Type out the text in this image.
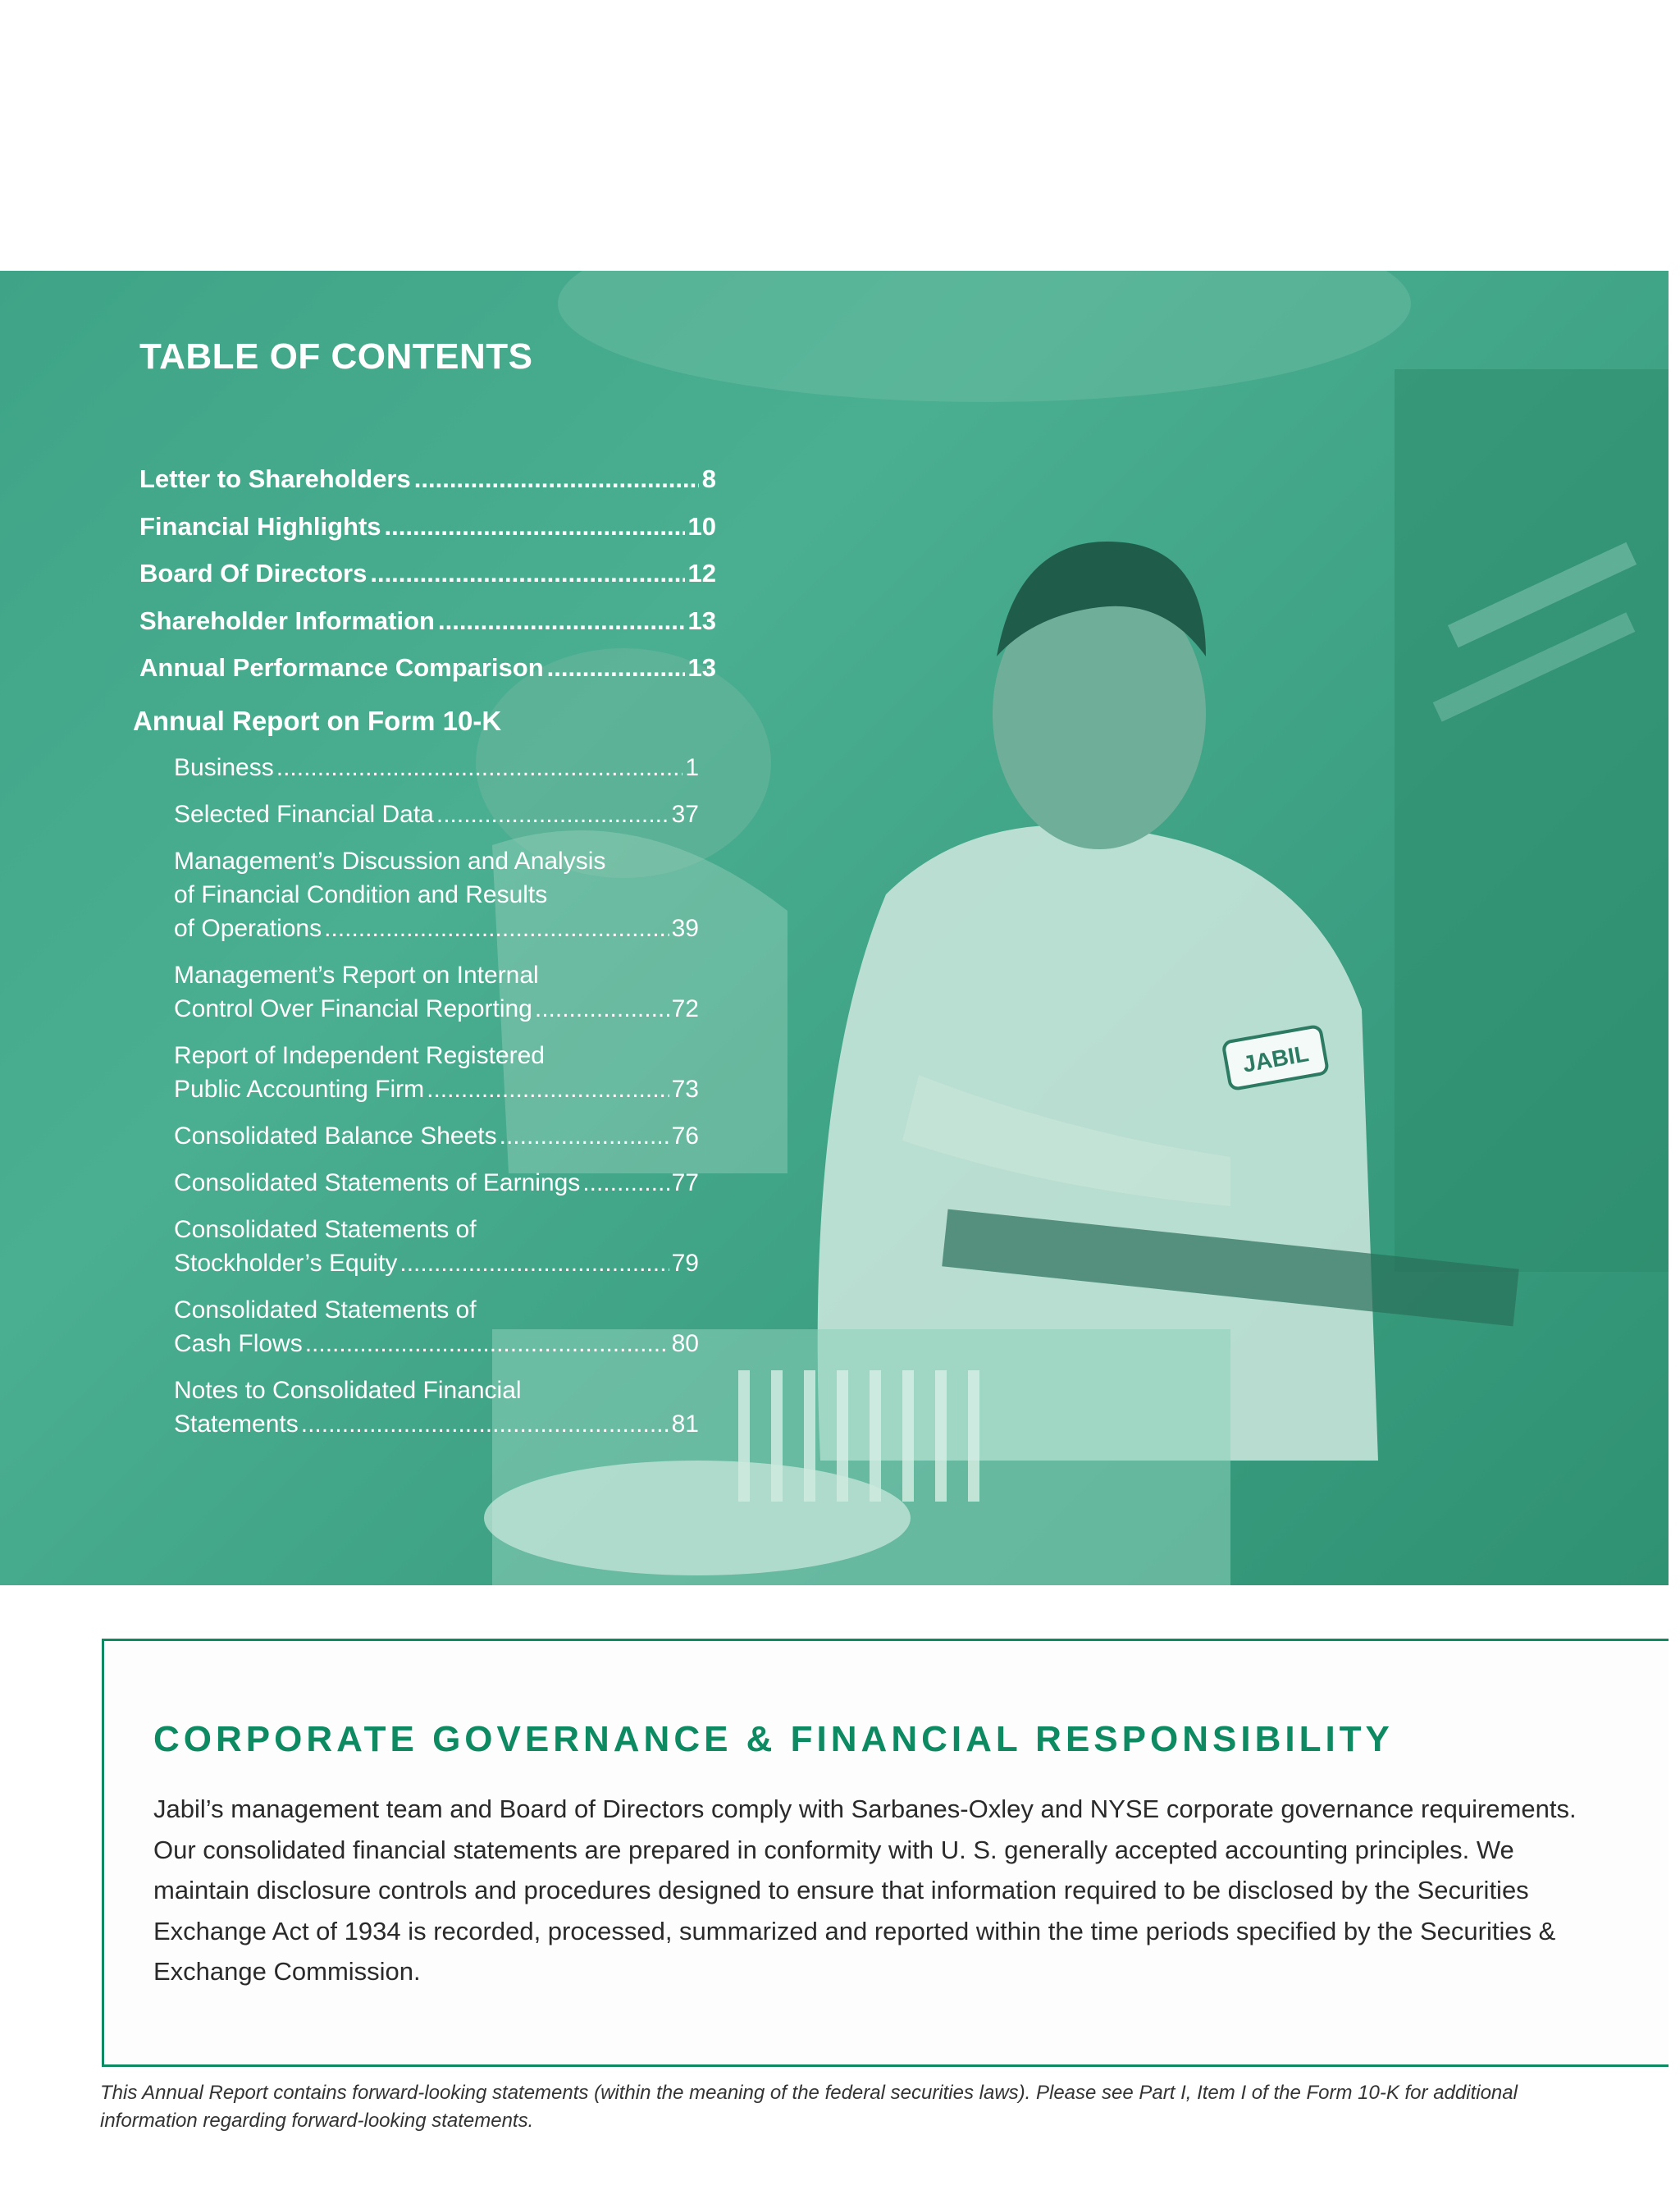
JABIL
TABLE OF CONTENTS
Letter to Shareholders .....	8
Financial Highlights .....	10
Board Of Directors .....	12
Shareholder Information .....	13
Annual Performance Comparison .....	13
Annual Report on Form 10-K
Business .....	1
Selected Financial Data .....	37
Management’s Discussion and Analysis
of Financial Condition and Results
of Operations .....	39
Management’s Report on Internal
Control Over Financial Reporting .....	72
Report of Independent Registered
Public Accounting Firm .....	73
Consolidated Balance Sheets .....	76
Consolidated Statements of Earnings .....	77
Consolidated Statements of
Stockholder’s Equity .....	79
Consolidated Statements of
Cash Flows .....	80
Notes to Consolidated Financial
Statements .....	81
CORPORATE GOVERNANCE & FINANCIAL RESPONSIBILITY

Jabil’s management team and Board of Directors comply with Sarbanes-Oxley and NYSE corporate governance requirements. Our consolidated financial statements are prepared in conformity with U. S. generally accepted accounting principles. We maintain disclosure controls and procedures designed to ensure that information required to be disclosed by the Securities Exchange Act of 1934 is recorded, processed, summarized and reported within the time periods specified by the Securities & Exchange Commission.

This Annual Report contains forward-looking statements (within the meaning of the federal securities laws). Please see Part I, Item I of the Form 10-K for additional information regarding forward-looking statements.
